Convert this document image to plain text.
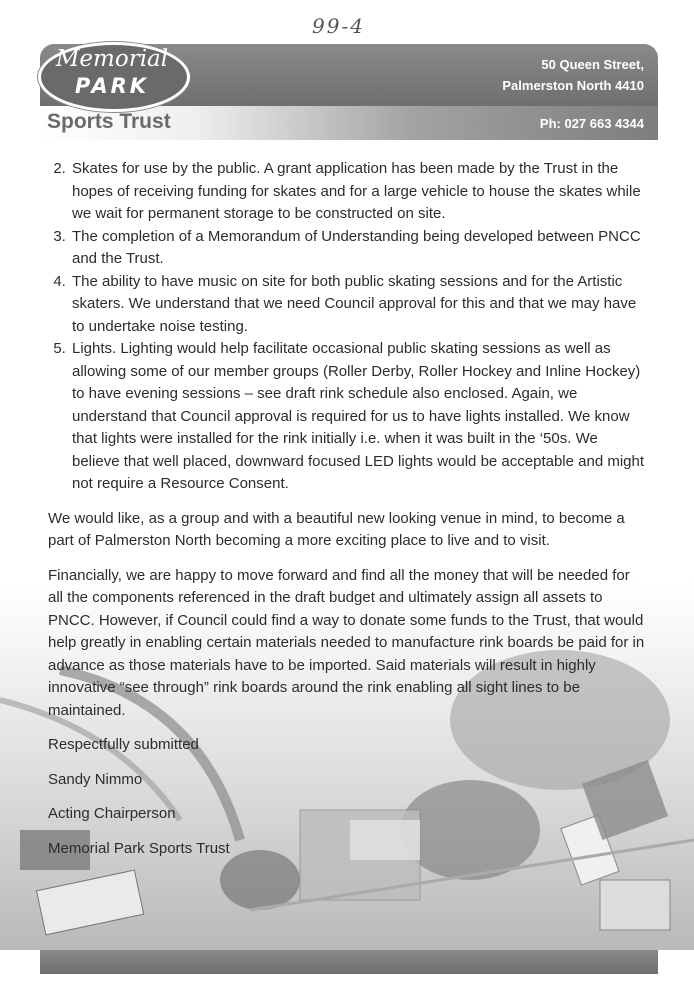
99-4
Memorial
PARK
Sports Trust
50 Queen Street,
Palmerston North 4410
Ph: 027 663 4344
2. Skates for use by the public. A grant application has been made by the Trust in the hopes of receiving funding for skates and for a large vehicle to house the skates while we wait for permanent storage to be constructed on site.
3. The completion of a Memorandum of Understanding being developed between PNCC and the Trust.
4. The ability to have music on site for both public skating sessions and for the Artistic skaters. We understand that we need Council approval for this and that we may have to undertake noise testing.
5. Lights. Lighting would help facilitate occasional public skating sessions as well as allowing some of our member groups (Roller Derby, Roller Hockey and Inline Hockey) to have evening sessions – see draft rink schedule also enclosed. Again, we understand that Council approval is required for us to have lights installed. We know that lights were installed for the rink initially i.e. when it was built in the ‘50s. We believe that well placed, downward focused LED lights would be acceptable and might not require a Resource Consent.

We would like, as a group and with a beautiful new looking venue in mind, to become a part of Palmerston North becoming a more exciting place to live and to visit.

Financially, we are happy to move forward and find all the money that will be needed for all the components referenced in the draft budget and ultimately assign all assets to PNCC. However, if Council could find a way to donate some funds to the Trust, that would help greatly in enabling certain materials needed to manufacture rink boards be paid for in advance as those materials have to be imported. Said materials will result in highly innovative “see through” rink boards around the rink enabling all sight lines to be maintained.

Respectfully submitted

Sandy Nimmo

Acting Chairperson

Memorial Park Sports Trust
